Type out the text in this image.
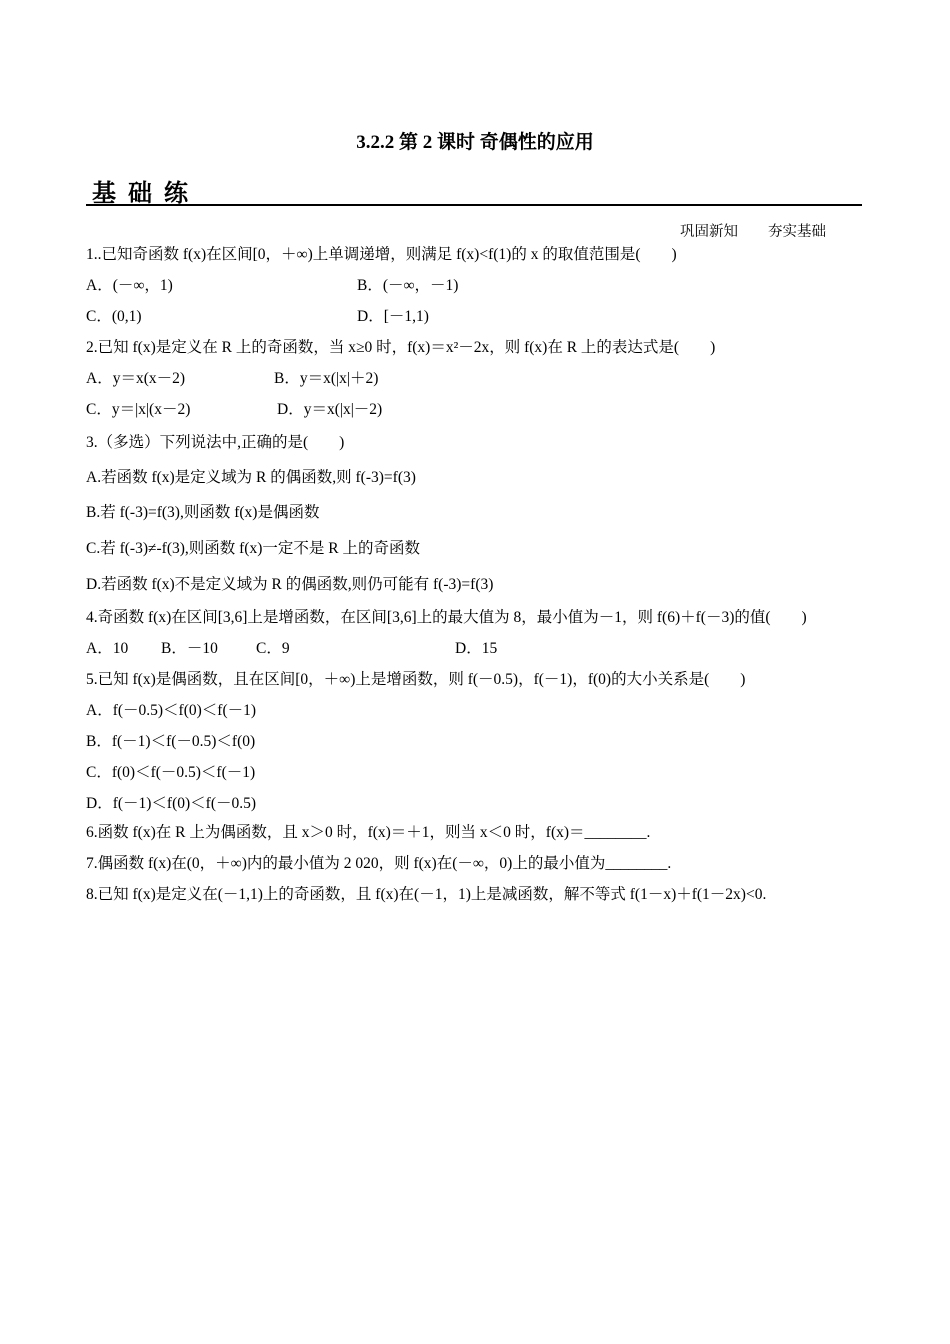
3.2.2 第 2 课时 奇偶性的应用
基础练
巩固新知 夯实基础
1..已知奇函数 f(x)在区间[0，＋∞)上单调递增，则满足 f(x)<f(1)的 x 的取值范围是(　　)
A．(－∞，1)	B．(－∞，－1)
C．(0,1)	D．[－1,1)
2.已知 f(x)是定义在 R 上的奇函数，当 x≥0 时，f(x)＝x²－2x，则 f(x)在 R 上的表达式是(　　)
A．y＝x(x－2)	B．y＝x(|x|＋2)
C．y＝|x|(x－2)	D．y＝x(|x|－2)
3.（多选）下列说法中,正确的是(　　)
A.若函数 f(x)是定义域为 R 的偶函数,则 f(-3)=f(3)
B.若 f(-3)=f(3),则函数 f(x)是偶函数
C.若 f(-3)≠-f(3),则函数 f(x)一定不是 R 上的奇函数
D.若函数 f(x)不是定义域为 R 的偶函数,则仍可能有 f(-3)=f(3)
4.奇函数 f(x)在区间[3,6]上是增函数，在区间[3,6]上的最大值为 8，最小值为－1，则 f(6)＋f(－3)的值(　　)
A．10 B．－10 C．9	D．15
5.已知 f(x)是偶函数，且在区间[0，＋∞)上是增函数，则 f(－0.5)，f(－1)，f(0)的大小关系是(　　)
A．f(－0.5)＜f(0)＜f(－1)
B．f(－1)＜f(－0.5)＜f(0)
C．f(0)＜f(－0.5)＜f(－1)
D．f(－1)＜f(0)＜f(－0.5)
6.函数 f(x)在 R 上为偶函数，且 x＞0 时，f(x)＝＋1，则当 x＜0 时，f(x)＝________.
7.偶函数 f(x)在(0，＋∞)内的最小值为 2 020，则 f(x)在(－∞，0)上的最小值为________.
8.已知 f(x)是定义在(－1,1)上的奇函数，且 f(x)在(－1，1)上是减函数，解不等式 f(1－x)＋f(1－2x)<0.
